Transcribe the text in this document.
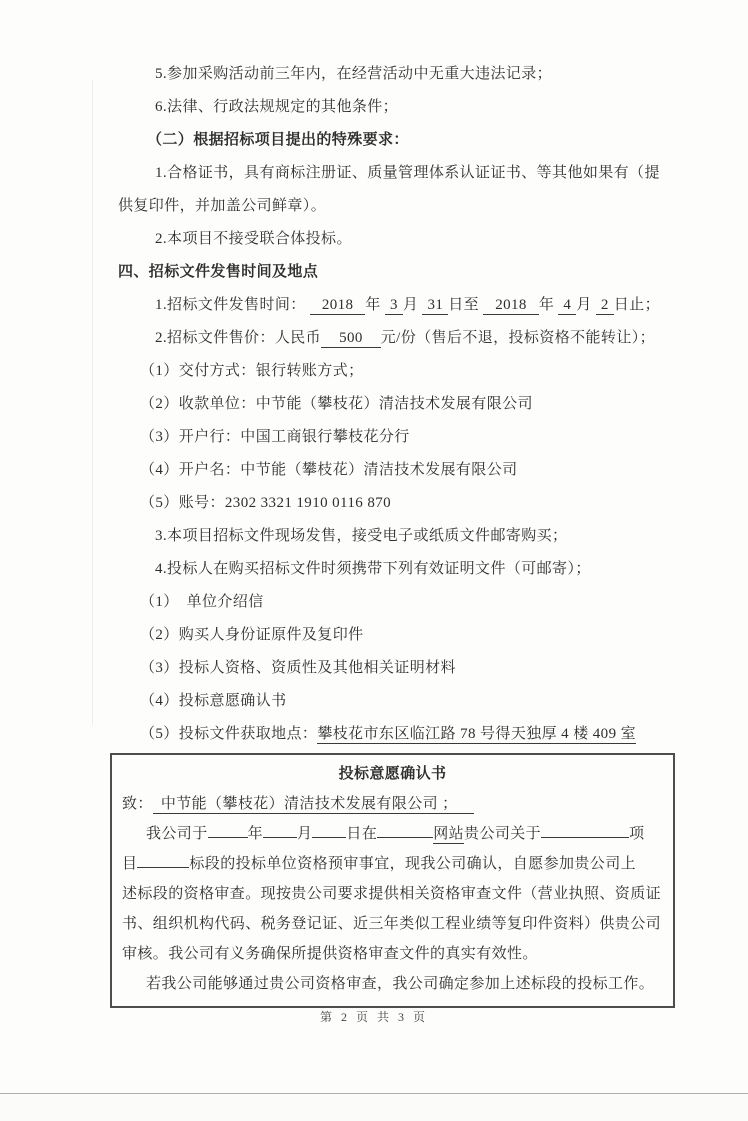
5.参加采购活动前三年内，在经营活动中无重大违法记录；

6.法律、行政法规规定的其他条件；

（二）根据招标项目提出的特殊要求：

1.合格证书，具有商标注册证、质量管理体系认证证书、等其他如果有（提

供复印件，并加盖公司鲜章）。

2.本项目不接受联合体投标。

四、招标文件发售时间及地点

1.招标文件发售时间： 2018 年 3 月 31 日至 2018 年 4 月 2 日止；

2.招标文件售价：人民币 500 元/份（售后不退，投标资格不能转让）；

（1）交付方式：银行转账方式；

（2）收款单位：中节能（攀枝花）清洁技术发展有限公司

（3）开户行：中国工商银行攀枝花分行

（4）开户名：中节能（攀枝花）清洁技术发展有限公司

（5）账号：2302 3321 1910 0116 870

3.本项目招标文件现场发售，接受电子或纸质文件邮寄购买；

4.投标人在购买招标文件时须携带下列有效证明文件（可邮寄）；

（1）　单位介绍信

（2）购买人身份证原件及复印件

（3）投标人资格、资质性及其他相关证明材料

（4）投标意愿确认书

（5）投标文件获取地点：攀枝花市东区临江路 78 号得天独厚 4 楼 409 室

投标意愿确认书

致： 中节能（攀枝花）清洁技术发展有限公司 ；

我公司于	年 月 日在	网站贵公司关于	项

目	标段的投标单位资格预审事宜，现我公司确认，自愿参加贵公司上

述标段的资格审查。现按贵公司要求提供相关资格审查文件（营业执照、资质证

书、组织机构代码、税务登记证、近三年类似工程业绩等复印件资料）供贵公司

审核。我公司有义务确保所提供资格审查文件的真实有效性。

若我公司能够通过贵公司资格审查，我公司确定参加上述标段的投标工作。

第 2 页 共 3 页
